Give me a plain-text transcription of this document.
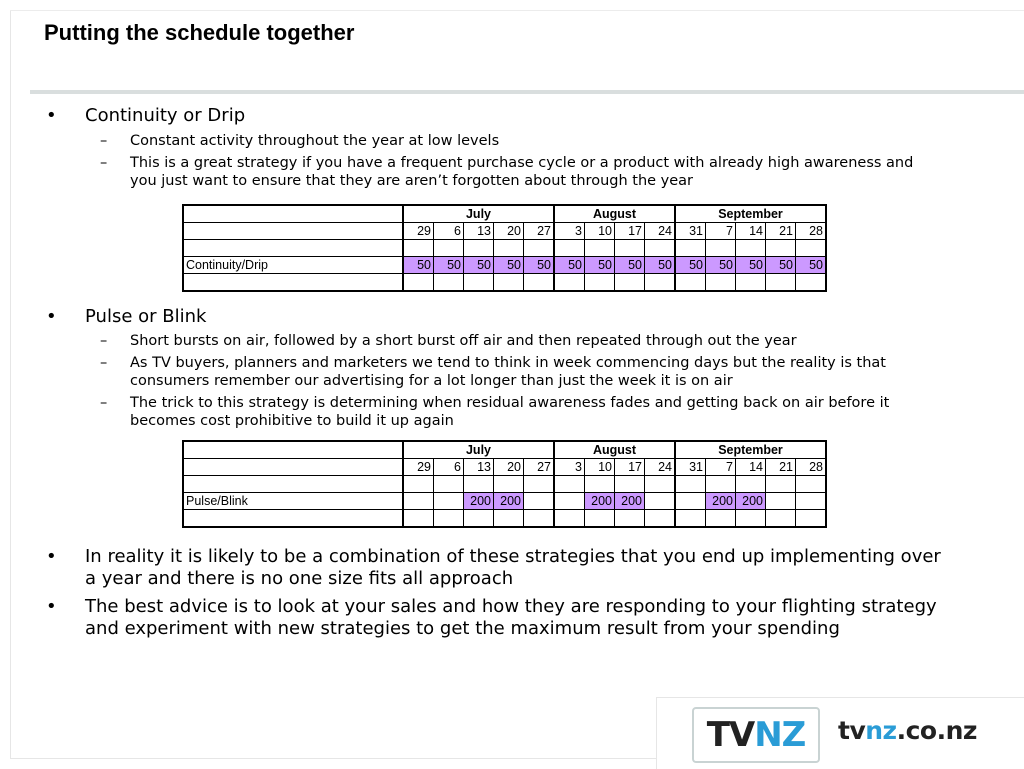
Putting the schedule together
• Continuity or Drip
– Constant activity throughout the year at low levels
– This is a great strategy if you have a frequent purchase cycle or a product with already high awareness and
you just want to ensure that they are aren’t forgotten about through the year
	July					August				September				
	29	6	13	20	27	3	10	17	24	31	7	14	21	28

Continuity/Drip	50	50	50	50	50	50	50	50	50	50	50	50	50	50

• Pulse or Blink
– Short bursts on air, followed by a short burst off air and then repeated through out the year
– As TV buyers, planners and marketers we tend to think in week commencing days but the reality is that
consumers remember our advertising for a lot longer than just the week it is on air
– The trick to this strategy is determining when residual awareness fades and getting back on air before it
becomes cost prohibitive to build it up again
	July					August				September				
	29	6	13	20	27	3	10	17	24	31	7	14	21	28

Pulse/Blink			200	200			200	200			200	200		

• In reality it is likely to be a combination of these strategies that you end up implementing over
a year and there is no one size fits all approach
• The best advice is to look at your sales and how they are responding to your flighting strategy
and experiment with new strategies to get the maximum result from your spending
TVNZ	tvnz.co.nz
